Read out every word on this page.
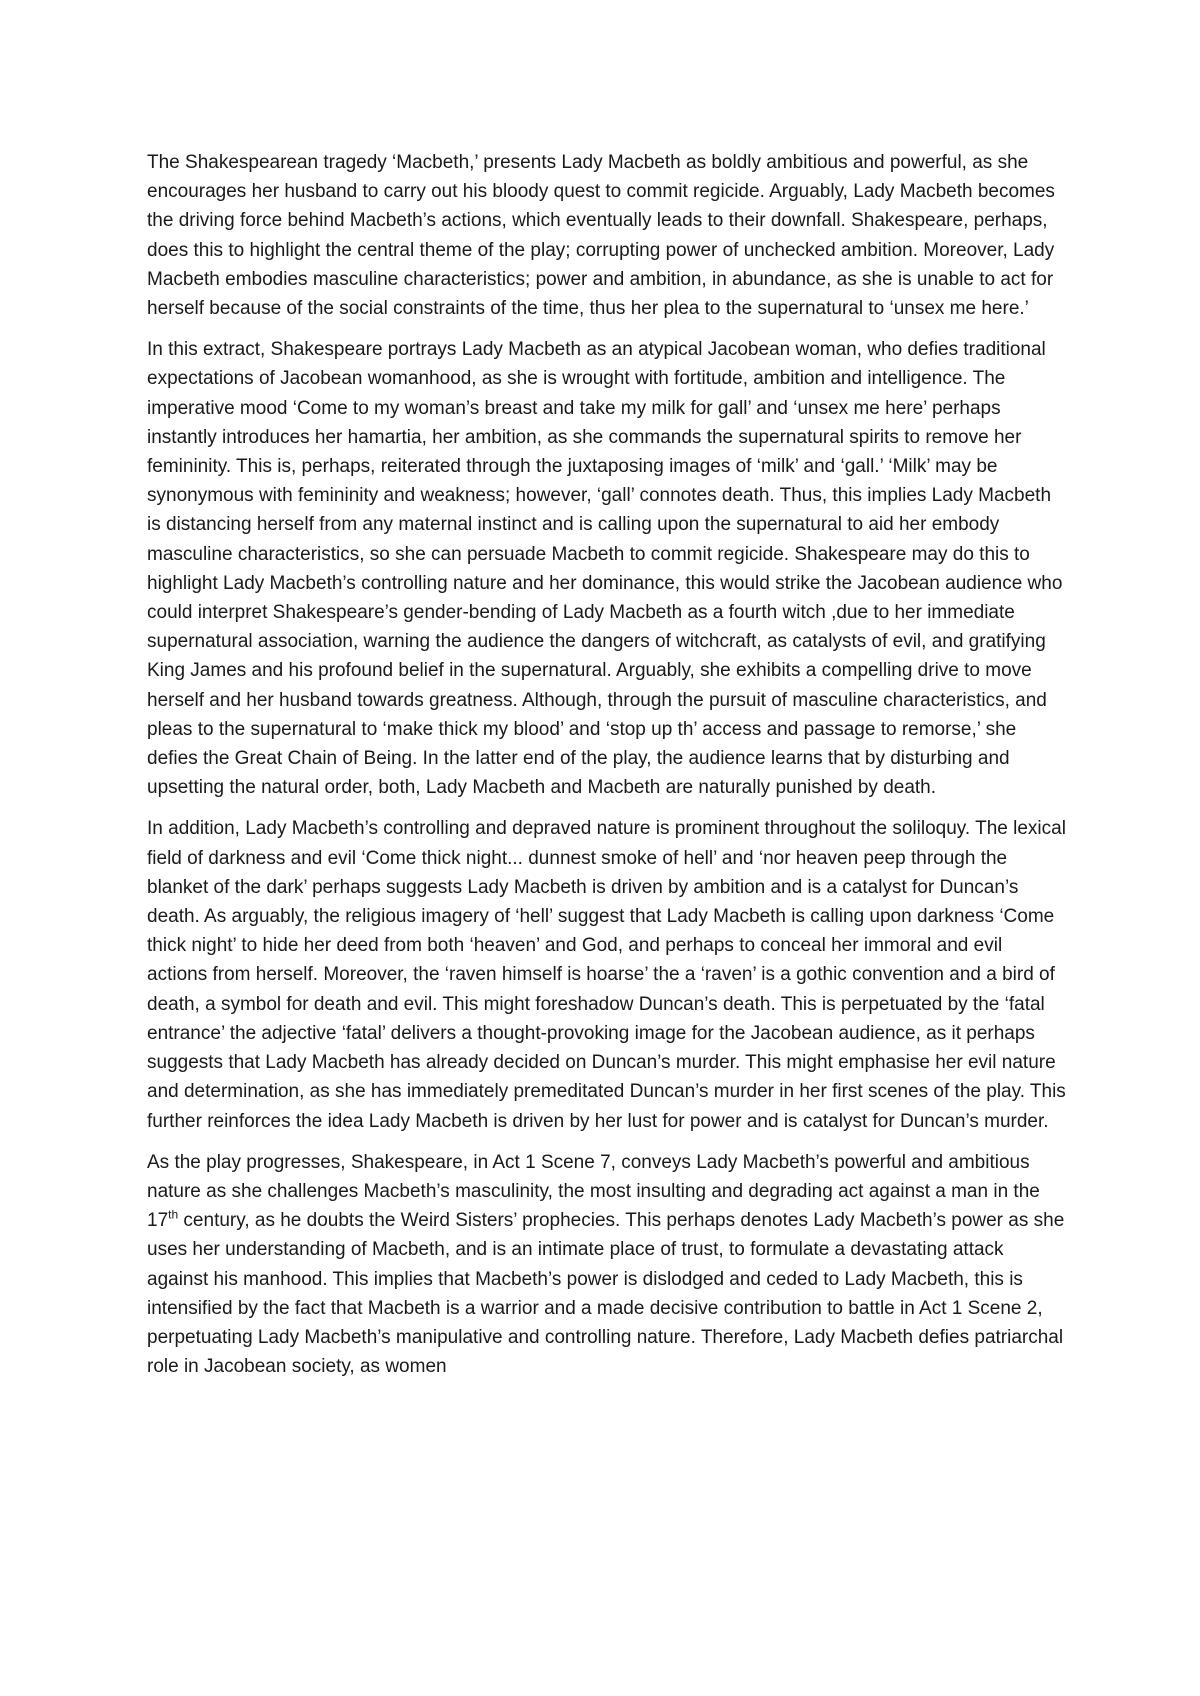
The Shakespearean tragedy ‘Macbeth,’ presents Lady Macbeth as boldly ambitious and powerful, as she encourages her husband to carry out his bloody quest to commit regicide. Arguably, Lady Macbeth becomes the driving force behind Macbeth’s actions, which eventually leads to their downfall. Shakespeare, perhaps, does this to highlight the central theme of the play; corrupting power of unchecked ambition. Moreover, Lady Macbeth embodies masculine characteristics; power and ambition, in abundance, as she is unable to act for herself because of the social constraints of the time, thus her plea to the supernatural to ‘unsex me here.’

In this extract, Shakespeare portrays Lady Macbeth as an atypical Jacobean woman, who defies traditional expectations of Jacobean womanhood, as she is wrought with fortitude, ambition and intelligence. The imperative mood ‘Come to my woman’s breast and take my milk for gall’ and ‘unsex me here’ perhaps instantly introduces her hamartia, her ambition, as she commands the supernatural spirits to remove her femininity. This is, perhaps, reiterated through the juxtaposing images of ‘milk’ and ‘gall.’ ‘Milk’ may be synonymous with femininity and weakness; however, ‘gall’ connotes death. Thus, this implies Lady Macbeth is distancing herself from any maternal instinct and is calling upon the supernatural to aid her embody masculine characteristics, so she can persuade Macbeth to commit regicide. Shakespeare may do this to highlight Lady Macbeth’s controlling nature and her dominance, this would strike the Jacobean audience who could interpret Shakespeare’s gender-bending of Lady Macbeth as a fourth witch ,due to her immediate supernatural association, warning the audience the dangers of witchcraft, as catalysts of evil, and gratifying King James and his profound belief in the supernatural. Arguably, she exhibits a compelling drive to move herself and her husband towards greatness. Although, through the pursuit of masculine characteristics, and pleas to the supernatural to ‘make thick my blood’ and ‘stop up th’ access and passage to remorse,’ she defies the Great Chain of Being. In the latter end of the play, the audience learns that by disturbing and upsetting the natural order, both, Lady Macbeth and Macbeth are naturally punished by death.

In addition, Lady Macbeth’s controlling and depraved nature is prominent throughout the soliloquy. The lexical field of darkness and evil ‘Come thick night... dunnest smoke of hell’ and ‘nor heaven peep through the blanket of the dark’ perhaps suggests Lady Macbeth is driven by ambition and is a catalyst for Duncan’s death. As arguably, the religious imagery of ‘hell’ suggest that Lady Macbeth is calling upon darkness ‘Come thick night’ to hide her deed from both ‘heaven’ and God, and perhaps to conceal her immoral and evil actions from herself. Moreover, the ‘raven himself is hoarse’ the a ‘raven’ is a gothic convention and a bird of death, a symbol for death and evil. This might foreshadow Duncan’s death. This is perpetuated by the ‘fatal entrance’ the adjective ‘fatal’ delivers a thought-provoking image for the Jacobean audience, as it perhaps suggests that Lady Macbeth has already decided on Duncan’s murder. This might emphasise her evil nature and determination, as she has immediately premeditated Duncan’s murder in her first scenes of the play. This further reinforces the idea Lady Macbeth is driven by her lust for power and is catalyst for Duncan’s murder.

As the play progresses, Shakespeare, in Act 1 Scene 7, conveys Lady Macbeth’s powerful and ambitious nature as she challenges Macbeth’s masculinity, the most insulting and degrading act against a man in the 17th century, as he doubts the Weird Sisters’ prophecies. This perhaps denotes Lady Macbeth’s power as she uses her understanding of Macbeth, and is an intimate place of trust, to formulate a devastating attack against his manhood. This implies that Macbeth’s power is dislodged and ceded to Lady Macbeth, this is intensified by the fact that Macbeth is a warrior and a made decisive contribution to battle in Act 1 Scene 2, perpetuating Lady Macbeth’s manipulative and controlling nature. Therefore, Lady Macbeth defies patriarchal role in Jacobean society, as women
